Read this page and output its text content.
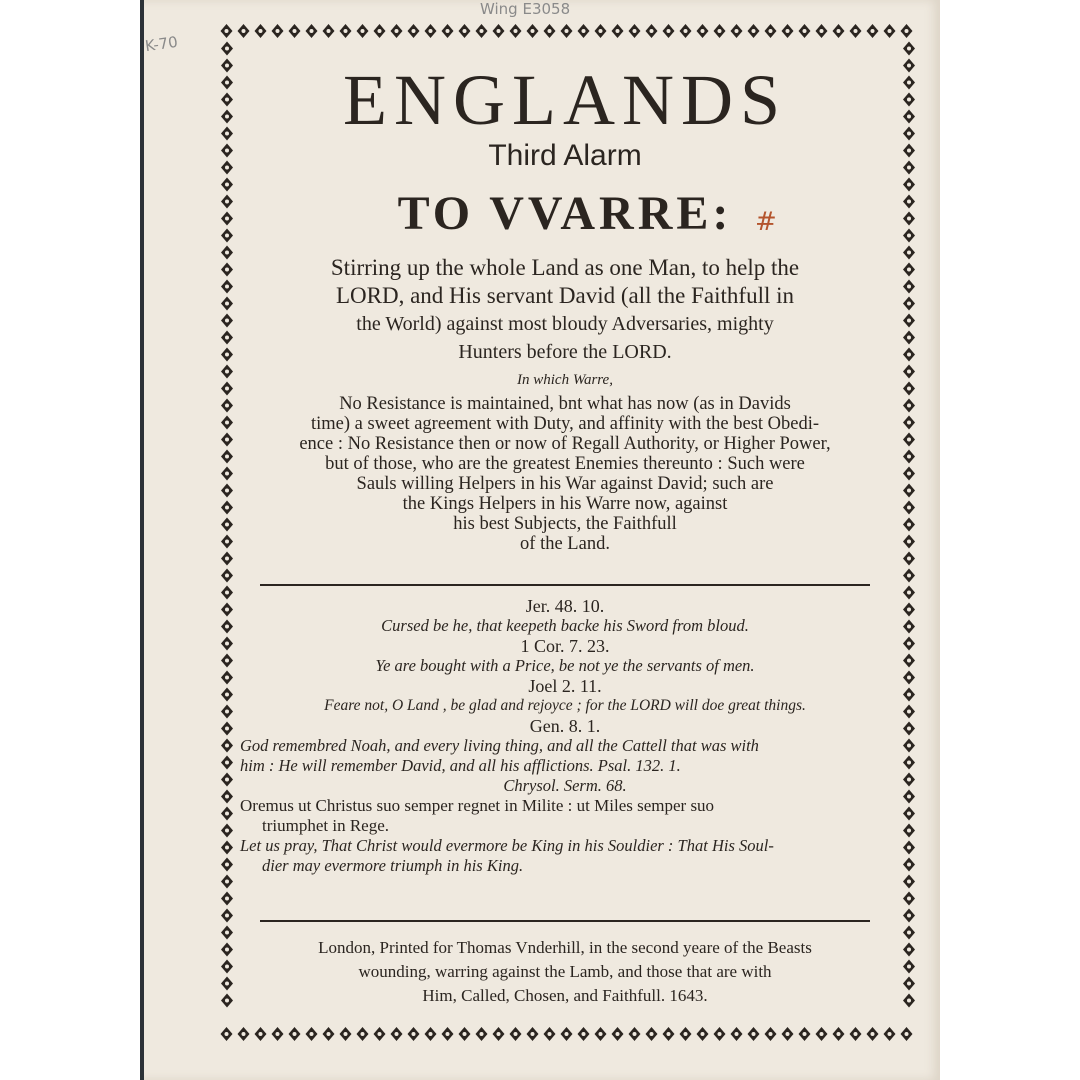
Wing E3058
K-70
ENGLANDS
Third Alarm
TO VVARRE: #

Stirring up the whole Land as one Man, to help the

LORD, and His servant David (all the Faithfull in

the World) against most bloudy Adversaries, mighty

Hunters before the LORD.

In which Warre,

No Resistance is maintained, bnt what has now (as in Davids

time) a sweet agreement with Duty, and affinity with the best Obedi-

ence : No Resistance then or now of Regall Authority, or Higher Power,

but of those, who are the greatest Enemies thereunto : Such were

Sauls willing Helpers in his War against David; such are

the Kings Helpers in his Warre now, against

his best Subjects, the Faithfull

of the Land.

Jer. 48. 10.

Cursed be he, that keepeth backe his Sword from bloud.

1 Cor. 7. 23.

Ye are bought with a Price, be not ye the servants of men.

Joel 2. 11.

Feare not, O Land , be glad and rejoyce ; for the LORD will doe great things.

Gen. 8. 1.

God remembred Noah, and every living thing, and all the Cattell that was with

him : He will remember David, and all his afflictions. Psal. 132. 1.

Chrysol. Serm. 68.

Oremus ut Christus suo semper regnet in Milite : ut Miles semper suo

triumphet in Rege.

Let us pray, That Christ would evermore be King in his Souldier : That His Soul-

dier may evermore triumph in his King.

London, Printed for Thomas Vnderhill, in the second yeare of the Beasts

wounding, warring against the Lamb, and those that are with

Him, Called, Chosen, and Faithfull. 1643.
